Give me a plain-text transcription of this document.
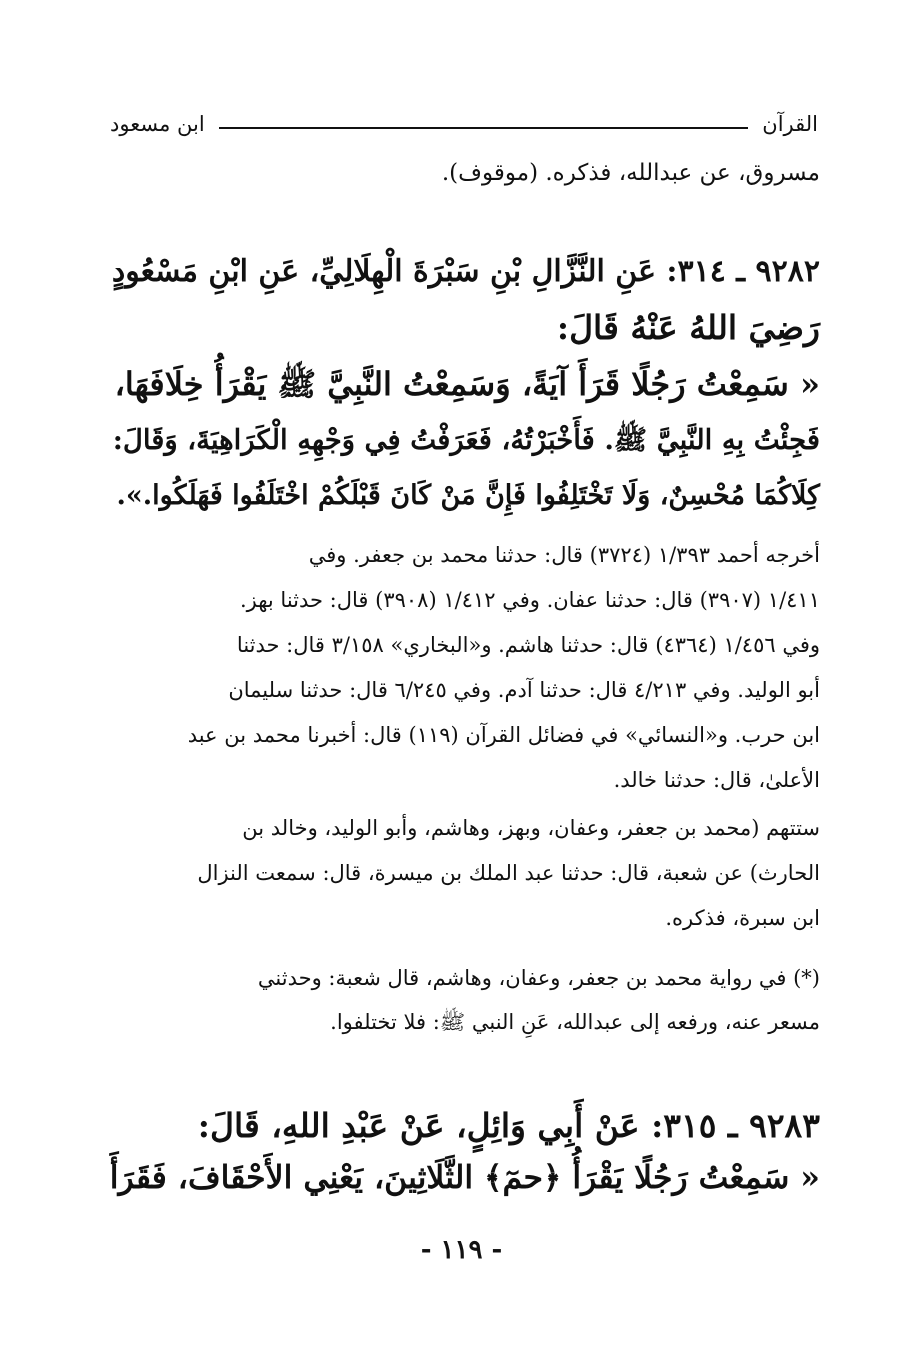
القرآن
ابن مسعود
مسروق، عن عبدالله، فذكره. (موقوف).
٩٢٨٢ ـ ٣١٤: عَنِ النَّزَّالِ بْنِ سَبْرَةَ الْهِلَالِيِّ، عَنِ ابْنِ مَسْعُودٍ
رَضِيَ اللهُ عَنْهُ قَالَ:
« سَمِعْتُ رَجُلًا قَرَأَ آيَةً، وَسَمِعْتُ النَّبِيَّ ﷺ يَقْرَأُ خِلَافَهَا،
فَجِئْتُ بِهِ النَّبِيَّ ﷺ. فَأَخْبَرْتُهُ، فَعَرَفْتُ فِي وَجْهِهِ الْكَرَاهِيَةَ، وَقَالَ:
كِلَاكُمَا مُحْسِنٌ، وَلَا تَخْتَلِفُوا فَإِنَّ مَنْ كَانَ قَبْلَكُمْ اخْتَلَفُوا فَهَلَكُوا.».
أخرجه أحمد ١/٣٩٣ (٣٧٢٤) قال: حدثنا محمد بن جعفر. وفي
١/٤١١ (٣٩٠٧) قال: حدثنا عفان. وفي ١/٤١٢ (٣٩٠٨) قال: حدثنا بهز.
وفي ١/٤٥٦ (٤٣٦٤) قال: حدثنا هاشم. و«البخاري» ٣/١٥٨ قال: حدثنا
أبو الوليد. وفي ٤/٢١٣ قال: حدثنا آدم. وفي ٦/٢٤٥ قال: حدثنا سليمان
ابن حرب. و«النسائي» في فضائل القرآن (١١٩) قال: أخبرنا محمد بن عبد
الأعلىٰ، قال: حدثنا خالد.
ستتهم (محمد بن جعفر، وعفان، وبهز، وهاشم، وأبو الوليد، وخالد بن
الحارث) عن شعبة، قال: حدثنا عبد الملك بن ميسرة، قال: سمعت النزال
ابن سبرة، فذكره.
(*) في رواية محمد بن جعفر، وعفان، وهاشم، قال شعبة: وحدثني
مسعر عنه، ورفعه إلى عبدالله، عَنِ النبي ﷺ: فلا تختلفوا.
٩٢٨٣ ـ ٣١٥: عَنْ أَبِي وَائِلٍ، عَنْ عَبْدِ اللهِ، قَالَ:
« سَمِعْتُ رَجُلًا يَقْرَأُ ﴿حمٓ﴾ الثَّلَاثِينَ، يَعْنِي الأَحْقَافَ، فَقَرَأَ
- ١١٩ -
